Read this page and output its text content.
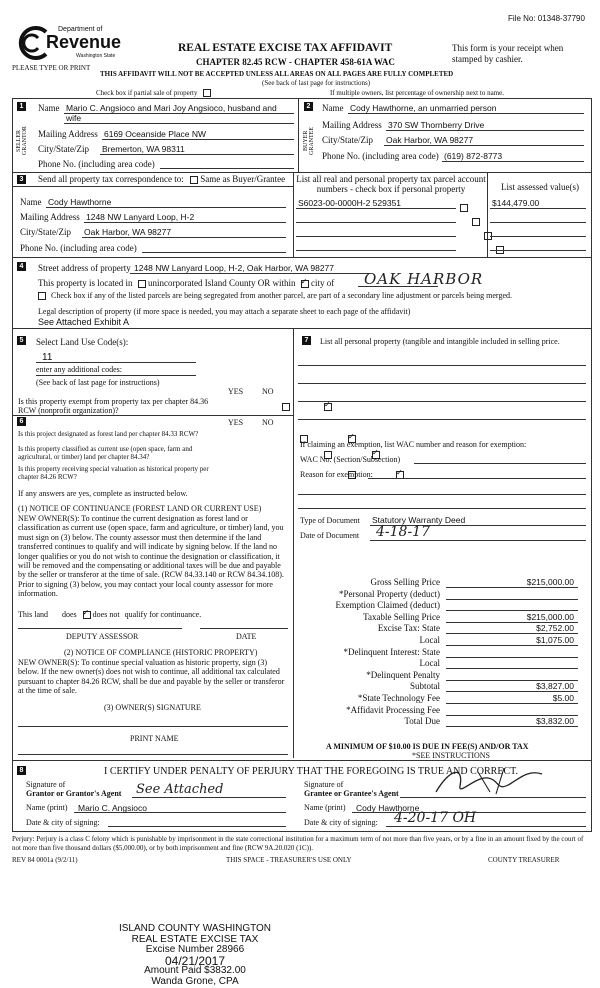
File No: 01348-37790
Department of
Revenue
Washington State
PLEASE TYPE OR PRINT
REAL ESTATE EXCISE TAX AFFIDAVIT
CHAPTER 82.45 RCW - CHAPTER 458-61A WAC
This form is your receipt when stamped by cashier.
THIS AFFIDAVIT WILL NOT BE ACCEPTED UNLESS ALL AREAS ON ALL PAGES ARE FULLY COMPLETED
(See back of last page for instructions)
Check box if partial sale of property	If multiple owners, list percentage of ownership next to name.
1
SELLER GRANTOR
Name Mario C. Angsioco and Mari Joy Angsioco, husband and wife
Mailing Address 6169 Oceanside Place NW
City/State/Zip Bremerton, WA 98311
Phone No. (including area code)
2
BUYER GRANTEE
Name Cody Hawthorne, an unmarried person
Mailing Address 370 SW Thornberry Drive
City/State/Zip Oak Harbor, WA 98277
Phone No. (including area code) (619) 872-8773
3 Send all property tax correspondence to: Same as Buyer/Grantee
Name Cody Hawthorne
Mailing Address 1248 NW Lanyard Loop, H-2
City/State/Zip Oak Harbor, WA 98277
Phone No. (including area code)
List all real and personal property tax parcel account numbers - check box if personal property	List assessed value(s)
S6023-00-0000H-2 529351	$144,479.00

4 Street address of property 1248 NW Lanyard Loop, H-2, Oak Harbor, WA 98277
This property is located in unincorporated Island County OR within ✓ city of OAK HARBOR
Check box if any of the listed parcels are being segregated from another parcel, are part of a secondary line adjustment or parcels being merged.
Legal description of property (if more space is needed, you may attach a separate sheet to each page of the affidavit)
See Attached Exhibit A
5 Select Land Use Code(s):
11
enter any additional codes:
(See back of last page for instructions)
YES NO
Is this property exempt from property tax per chapter 84.36 RCW (nonprofit organization)?
✓
6	YES NO
Is this project designated as forest land per chapter 84.33 RCW?
✓
Is this property classified as current use (open space, farm and agricultural, or timber) land per chapter 84.34?
✓
Is this property receiving special valuation as historical property per chapter 84.26 RCW?
✓
If any answers are yes, complete as instructed below.
(1) NOTICE OF CONTINUANCE (FOREST LAND OR CURRENT USE)
NEW OWNER(S): To continue the current designation as forest land or classification as current use (open space, farm and agriculture, or timber) land, you must sign on (3) below. The county assessor must then determine if the land transferred continues to qualify and will indicate by signing below. If the land no longer qualifies or you do not wish to continue the designation or classification, it will be removed and the compensating or additional taxes will be due and payable by the seller or transferor at the time of sale. (RCW 84.33.140 or RCW 84.34.108). Prior to signing (3) below, you may contact your local county assessor for more information.
This land does ✓ does not qualify for continuance.
DEPUTY ASSESSOR	DATE
(2) NOTICE OF COMPLIANCE (HISTORIC PROPERTY)
NEW OWNER(S): To continue special valuation as historic property, sign (3) below. If the new owner(s) does not wish to continue, all additional tax calculated pursuant to chapter 84.26 RCW, shall be due and payable by the seller or transferor at the time of sale.
(3) OWNER(S) SIGNATURE
PRINT NAME
7	List all personal property (tangible and intangible included in selling price.
If claiming an exemption, list WAC number and reason for exemption:
WAC No. (Section/Subsection)
Reason for exemption:
Type of Document Statutory Warranty Deed
Date of Document 4-18-17
Gross Selling Price	$215,000.00
*Personal Property (deduct)
Exemption Claimed (deduct)
Taxable Selling Price	$215,000.00
Excise Tax: State	$2,752.00
Local	$1,075.00
*Delinquent Interest: State
Local
*Delinquent Penalty
Subtotal	$3,827.00
*State Technology Fee	$5.00
*Affidavit Processing Fee
Total Due	$3,832.00
A MINIMUM OF $10.00 IS DUE IN FEE(S) AND/OR TAX
*SEE INSTRUCTIONS
8	I CERTIFY UNDER PENALTY OF PERJURY THAT THE FOREGOING IS TRUE AND CORRECT.
Signature of
Grantor or Grantor's Agent See Attached
Name (print) Mario C. Angsioco
Date & city of signing:
Signature of
Grantee or Grantee's Agent
Name (print) Cody Hawthorne
Date & city of signing: 4-20-17 OH
Perjury: Perjury is a class C felony which is punishable by imprisonment in the state correctional institution for a maximum term of not more than five years, or by a fine in an amount fixed by the court of not more than five thousand dollars ($5,000.00), or by both imprisonment and fine (RCW 9A.20.020 (1C)).
REV 84 0001a (9/2/11)	THIS SPACE - TREASURER'S USE ONLY	COUNTY TREASURER
ISLAND COUNTY WASHINGTON
REAL ESTATE EXCISE TAX
Excise Number 28966
04/21/2017
Amount Paid $3832.00
Wanda Grone, CPA
